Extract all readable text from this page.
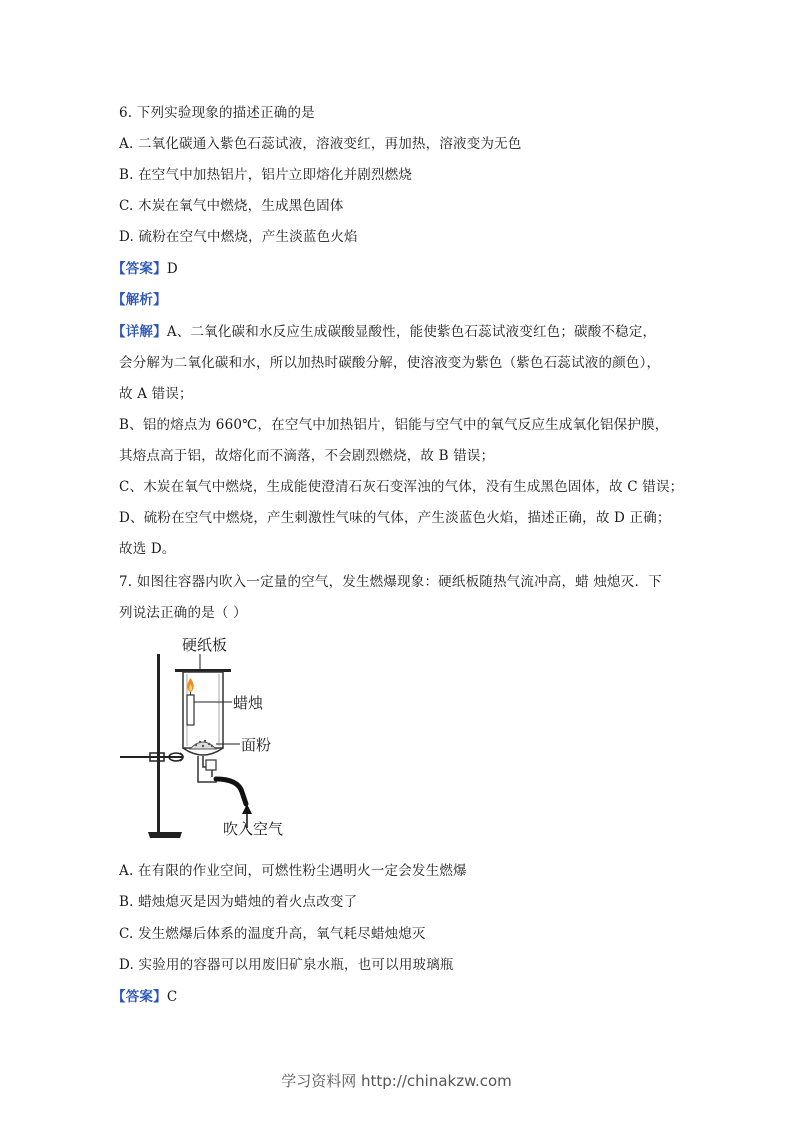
6. 下列实验现象的描述正确的是
A. 二氧化碳通入紫色石蕊试液，溶液变红，再加热，溶液变为无色
B. 在空气中加热铝片，铝片立即熔化并剧烈燃烧
C. 木炭在氧气中燃烧，生成黑色固体
D. 硫粉在空气中燃烧，产生淡蓝色火焰
【答案】D
【解析】
【详解】A、二氧化碳和水反应生成碳酸显酸性，能使紫色石蕊试液变红色；碳酸不稳定，
会分解为二氧化碳和水，所以加热时碳酸分解，使溶液变为紫色（紫色石蕊试液的颜色），
故 A 错误；
B、铝的熔点为 660℃，在空气中加热铝片，铝能与空气中的氧气反应生成氧化铝保护膜，
其熔点高于铝，故熔化而不滴落，不会剧烈燃烧，故 B 错误；
C、木炭在氧气中燃烧，生成能使澄清石灰石变浑浊的气体，没有生成黑色固体，故 C 错误；
D、硫粉在空气中燃烧，产生刺激性气味的气体，产生淡蓝色火焰，描述正确，故 D 正确；
故选 D。
7. 如图往容器内吹入一定量的空气，发生燃爆现象：硬纸板随热气流冲高，蜡 烛熄灭．下
列说法正确的是（ ）
硬纸板
蜡烛
面粉
吹入空气
A. 在有限的作业空间，可燃性粉尘遇明火一定会发生燃爆
B. 蜡烛熄灭是因为蜡烛的着火点改变了
C. 发生燃爆后体系的温度升高，氧气耗尽蜡烛熄灭
D. 实验用的容器可以用废旧矿泉水瓶，也可以用玻璃瓶
【答案】C
学习资料网 http://chinakzw.com
